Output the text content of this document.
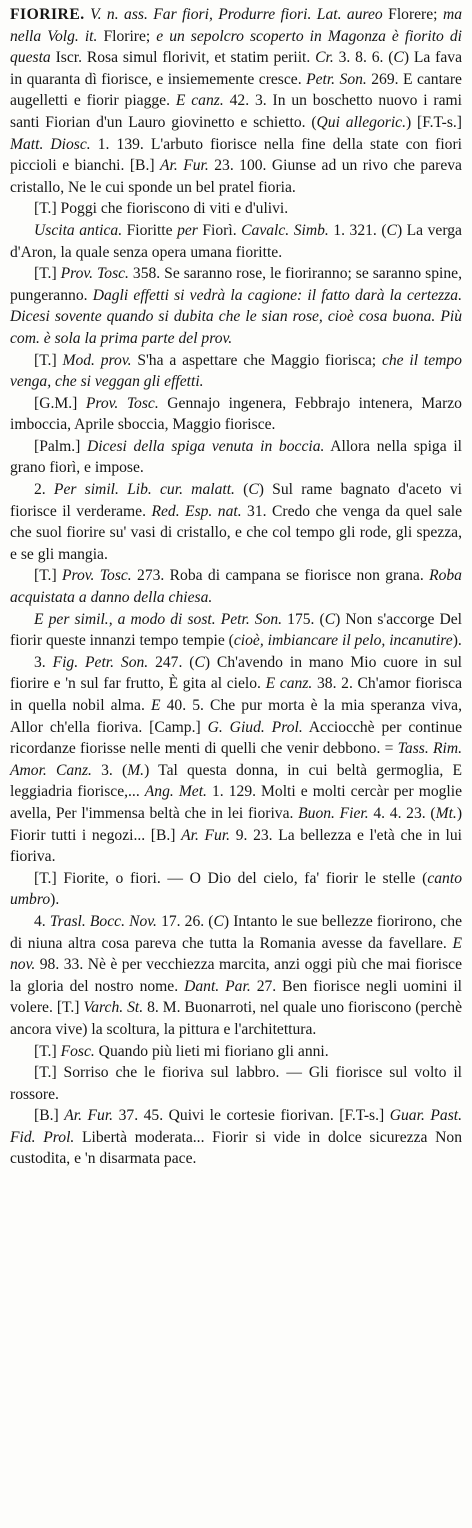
FIORIRE. V. n. ass. Far fiori, Produrre fiori. Lat. aureo Florere; ma nella Volg. it. Florire; e un sepolcro scoperto in Magonza è fiorito di questa Iscr. Rosa simul florivit, et statim periit. Cr. 3. 8. 6. (C) La fava in quaranta dì fiorisce, e insiememente cresce. Petr. Son. 269. E cantare augelletti e fiorir piagge. E canz. 42. 3. In un boschetto nuovo i rami santi Fiorian d'un Lauro giovinetto e schietto. (Qui allegoric.) [F.T-s.] Matt. Diosc. 1. 139. L'arbuto fiorisce nella fine della state con fiori piccioli e bianchi. [B.] Ar. Fur. 23. 100. Giunse ad un rivo che pareva cristallo, Ne le cui sponde un bel pratel fioria.

[T.] Poggi che fioriscono di viti e d'ulivi.

Uscita antica. Fioritte per Fiorì. Cavalc. Simb. 1. 321. (C) La verga d'Aron, la quale senza opera umana fioritte.

[T.] Prov. Tosc. 358. Se saranno rose, le fioriranno; se saranno spine, pungeranno. Dagli effetti si vedrà la cagione: il fatto darà la certezza. Dicesi sovente quando si dubita che le sian rose, cioè cosa buona. Più com. è sola la prima parte del prov.

[T.] Mod. prov. S'ha a aspettare che Maggio fiorisca; che il tempo venga, che si veggan gli effetti.

[G.M.] Prov. Tosc. Gennajo ingenera, Febbrajo intenera, Marzo imboccia, Aprile sboccia, Maggio fiorisce.

[Palm.] Dicesi della spiga venuta in boccia. Allora nella spiga il grano fiorì, e impose.

2. Per simil. Lib. cur. malatt. (C) Sul rame bagnato d'aceto vi fiorisce il verderame. Red. Esp. nat. 31. Credo che venga da quel sale che suol fiorire su' vasi di cristallo, e che col tempo gli rode, gli spezza, e se gli mangia.

[T.] Prov. Tosc. 273. Roba di campana se fiorisce non grana. Roba acquistata a danno della chiesa.

E per simil., a modo di sost. Petr. Son. 175. (C) Non s'accorge Del fiorir queste innanzi tempo tempie (cioè, imbiancare il pelo, incanutire).

3. Fig. Petr. Son. 247. (C) Ch'avendo in mano Mio cuore in sul fiorire e 'n sul far frutto, È gita al cielo. E canz. 38. 2. Ch'amor fiorisca in quella nobil alma. E 40. 5. Che pur morta è la mia speranza viva, Allor ch'ella fioriva. [Camp.] G. Giud. Prol. Acciocchè per continue ricordanze fiorisse nelle menti di quelli che venir debbono. = Tass. Rim. Amor. Canz. 3. (M.) Tal questa donna, in cui beltà germoglia, E leggiadria fiorisce,... Ang. Met. 1. 129. Molti e molti cercàr per moglie avella, Per l'immensa beltà che in lei fioriva. Buon. Fier. 4. 4. 23. (Mt.) Fiorir tutti i negozi... [B.] Ar. Fur. 9. 23. La bellezza e l'età che in lui fioriva.

[T.] Fiorite, o fiori. — O Dio del cielo, fa' fiorir le stelle (canto umbro).

4. Trasl. Bocc. Nov. 17. 26. (C) Intanto le sue bellezze fiorirono, che di niuna altra cosa pareva che tutta la Romania avesse da favellare. E nov. 98. 33. Nè è per vecchiezza marcita, anzi oggi più che mai fiorisce la gloria del nostro nome. Dant. Par. 27. Ben fiorisce negli uomini il volere. [T.] Varch. St. 8. M. Buonarroti, nel quale uno fioriscono (perchè ancora vive) la scoltura, la pittura e l'architettura.

[T.] Fosc. Quando più lieti mi fioriano gli anni.

[T.] Sorriso che le fioriva sul labbro. — Gli fiorisce sul volto il rossore.

[B.] Ar. Fur. 37. 45. Quivi le cortesie fiorivan. [F.T-s.] Guar. Past. Fid. Prol. Libertà moderata... Fiorir si vide in dolce sicurezza Non custodita, e 'n disarmata pace.
